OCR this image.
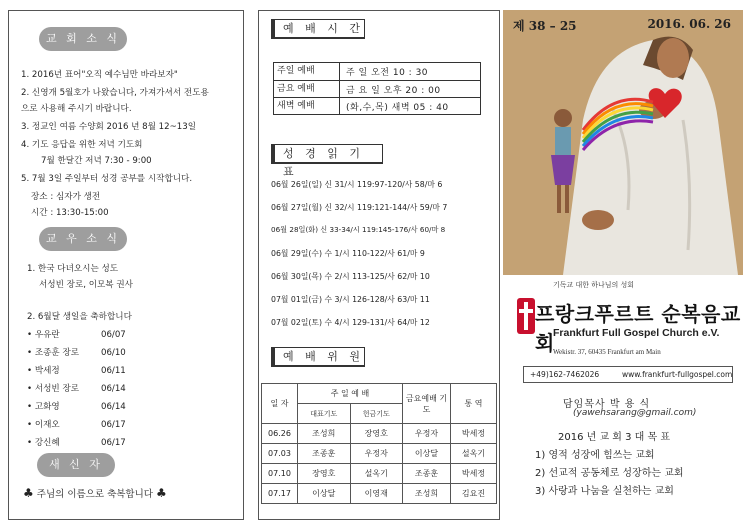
교 회 소 식
1. 2016년 표어"오직 예수님만 바라보자"
2. 신영개 5월호가 나왔습니다, 가져가셔서 전도용
으로 사용해 주시기 바랍니다.
3. 정교인 여름 수양회 2016 년 8월 12~13일
4. 기도 응답을 위한 저녁 기도회
7월 한달간 저녁 7:30 - 9:00
5. 7월 3일 주일부터 성경 공부를 시작합니다.
장소 : 심자가 생전
시간 : 13:30-15:00
교 우 소 식
1. 한국 다녀오시는 성도
서성빈 장로, 이모복 권사
2. 6월달 생일을 축하합니다
• 우유란	06/07
• 조종훈 장로	06/10
• 박세정	06/11
• 서성빈 장로	06/14
• 고화영	06/14
• 이재오	06/17
• 강신혜	06/17
새 신 자
♣ 주님의 이름으로 축복합니다 ♣
예 배 시 간
주일 예배	주 일 오전 10 : 30
금요 예배	금 요 일 오후 20 : 00
새벽 예배	(화,수,목) 새벽 05 : 40
성 경 읽 기 표
06월 26일(일) 신 31/시 119:97-120/사 58/마 6
06월 27일(월) 신 32/시 119:121-144/사 59/마 7
06월 28일(화) 신 33-34/시 119:145-176/사 60/마 8
06월 29일(수) 수 1/시 110-122/사 61/마 9
06월 30일(목) 수 2/시 113-125/사 62/마 10
07월 01일(금) 수 3/시 126-128/사 63/마 11
07월 02일(토) 수 4/시 129-131/사 64/마 12
예 배 위 원
일 자	주 일 예 배		금요예배 기도	통 역
	대표기도	헌금기도		
06.26	조성희	장영호	우정자	박세정
07.03	조종훈	우정자	이상달	설옥기
07.10	장영호	설옥기	조종훈	박세정
07.17	이상달	이영재	조성희	김요진
제 38 – 25	2016. 06. 26
기독교 대한 하나님의 성회
프랑크푸르트 순복음교회
Frankfurt Full Gospel Church e.V.
Wekistr. 37, 60435 Frankfurt am Main
+49)162-7462026	www.frankfurt-fullgospel.com
담임목사 박 용 식
(yawehsarang@gmail.com)
2016 년 교 회 3 대 목 표
1) 영적 성장에 힘쓰는 교회
2) 선교적 공동체로 성장하는 교회
3) 사랑과 나눔을 실천하는 교회
